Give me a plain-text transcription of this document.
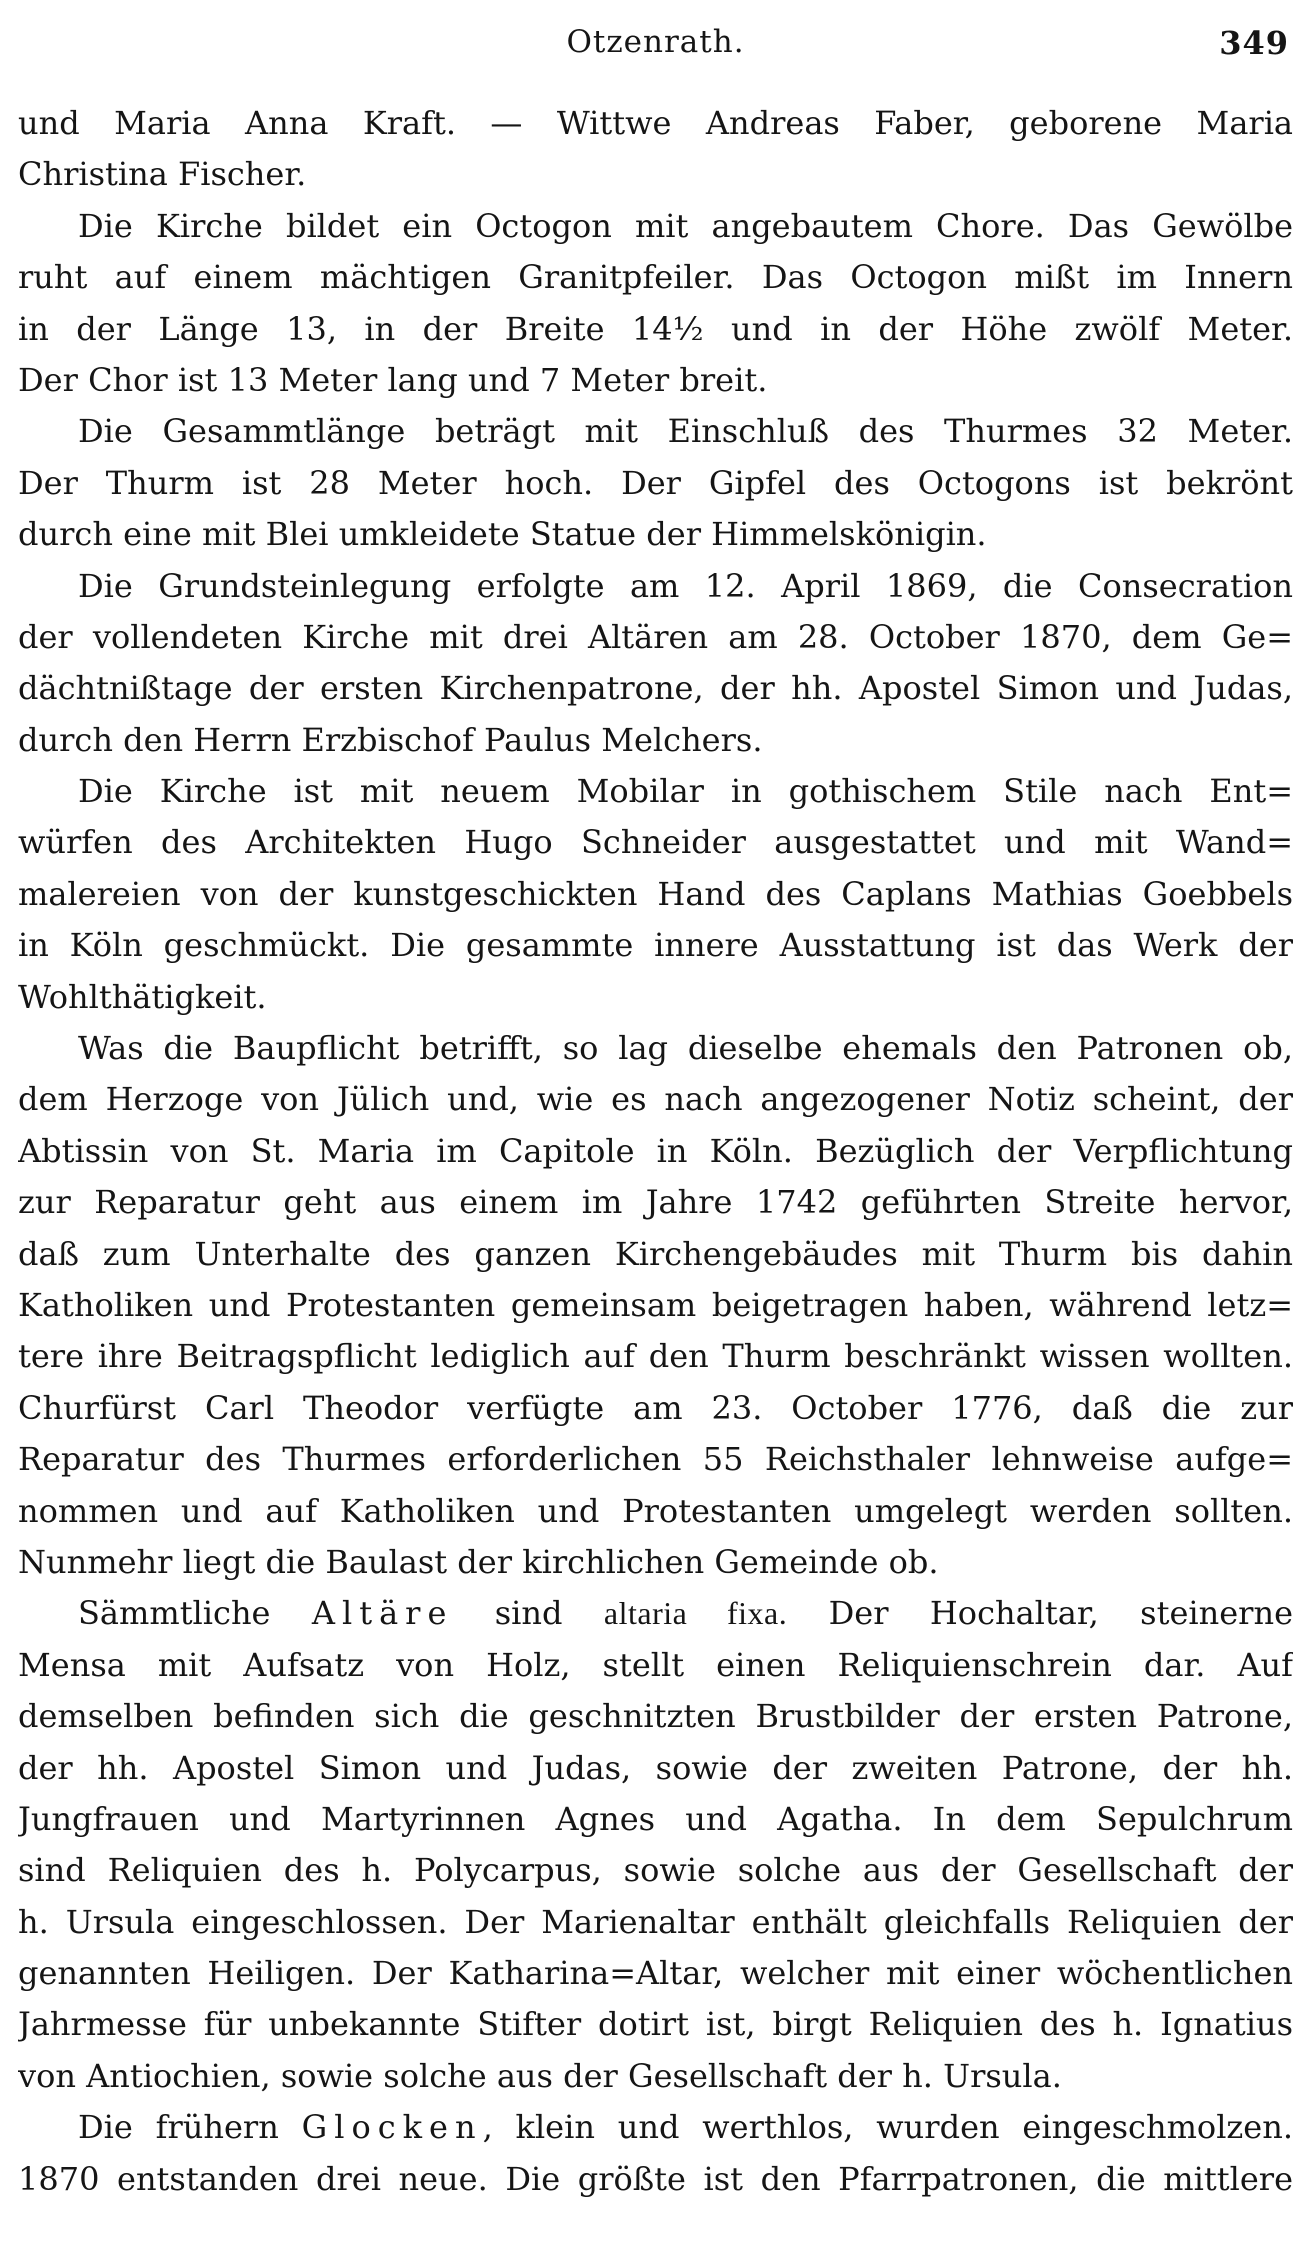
Otzenrath.	349
und Maria Anna Kraft. — Wittwe Andreas Faber, geborene Maria
Christina Fischer.
Die Kirche bildet ein Octogon mit angebautem Chore. Das Gewölbe
ruht auf einem mächtigen Granitpfeiler. Das Octogon mißt im Innern
in der Länge 13, in der Breite 14¹⁄₂ und in der Höhe zwölf Meter.
Der Chor ist 13 Meter lang und 7 Meter breit.
Die Gesammtlänge beträgt mit Einschluß des Thurmes 32 Meter.
Der Thurm ist 28 Meter hoch. Der Gipfel des Octogons ist bekrönt
durch eine mit Blei umkleidete Statue der Himmelskönigin.
Die Grundsteinlegung erfolgte am 12. April 1869, die Consecration
der vollendeten Kirche mit drei Altären am 28. October 1870, dem Ge=
dächtnißtage der ersten Kirchenpatrone, der hh. Apostel Simon und Judas,
durch den Herrn Erzbischof Paulus Melchers.
Die Kirche ist mit neuem Mobilar in gothischem Stile nach Ent=
würfen des Architekten Hugo Schneider ausgestattet und mit Wand=
malereien von der kunstgeschickten Hand des Caplans Mathias Goebbels
in Köln geschmückt. Die gesammte innere Ausstattung ist das Werk der
Wohlthätigkeit.
Was die Baupflicht betrifft, so lag dieselbe ehemals den Patronen ob,
dem Herzoge von Jülich und, wie es nach angezogener Notiz scheint, der
Abtissin von St. Maria im Capitole in Köln. Bezüglich der Verpflichtung
zur Reparatur geht aus einem im Jahre 1742 geführten Streite hervor,
daß zum Unterhalte des ganzen Kirchengebäudes mit Thurm bis dahin
Katholiken und Protestanten gemeinsam beigetragen haben, während letz=
tere ihre Beitragspflicht lediglich auf den Thurm beschränkt wissen wollten.
Churfürst Carl Theodor verfügte am 23. October 1776, daß die zur
Reparatur des Thurmes erforderlichen 55 Reichsthaler lehnweise aufge=
nommen und auf Katholiken und Protestanten umgelegt werden sollten.
Nunmehr liegt die Baulast der kirchlichen Gemeinde ob.
Sämmtliche Altäre sind altaria fixa. Der Hochaltar, steinerne
Mensa mit Aufsatz von Holz, stellt einen Reliquienschrein dar. Auf
demselben befinden sich die geschnitzten Brustbilder der ersten Patrone,
der hh. Apostel Simon und Judas, sowie der zweiten Patrone, der hh.
Jungfrauen und Martyrinnen Agnes und Agatha. In dem Sepulchrum
sind Reliquien des h. Polycarpus, sowie solche aus der Gesellschaft der
h. Ursula eingeschlossen. Der Marienaltar enthält gleichfalls Reliquien der
genannten Heiligen. Der Katharina=Altar, welcher mit einer wöchentlichen
Jahrmesse für unbekannte Stifter dotirt ist, birgt Reliquien des h. Ignatius
von Antiochien, sowie solche aus der Gesellschaft der h. Ursula.
Die frühern Glocken, klein und werthlos, wurden eingeschmolzen.
1870 entstanden drei neue. Die größte ist den Pfarrpatronen, die mittlere
